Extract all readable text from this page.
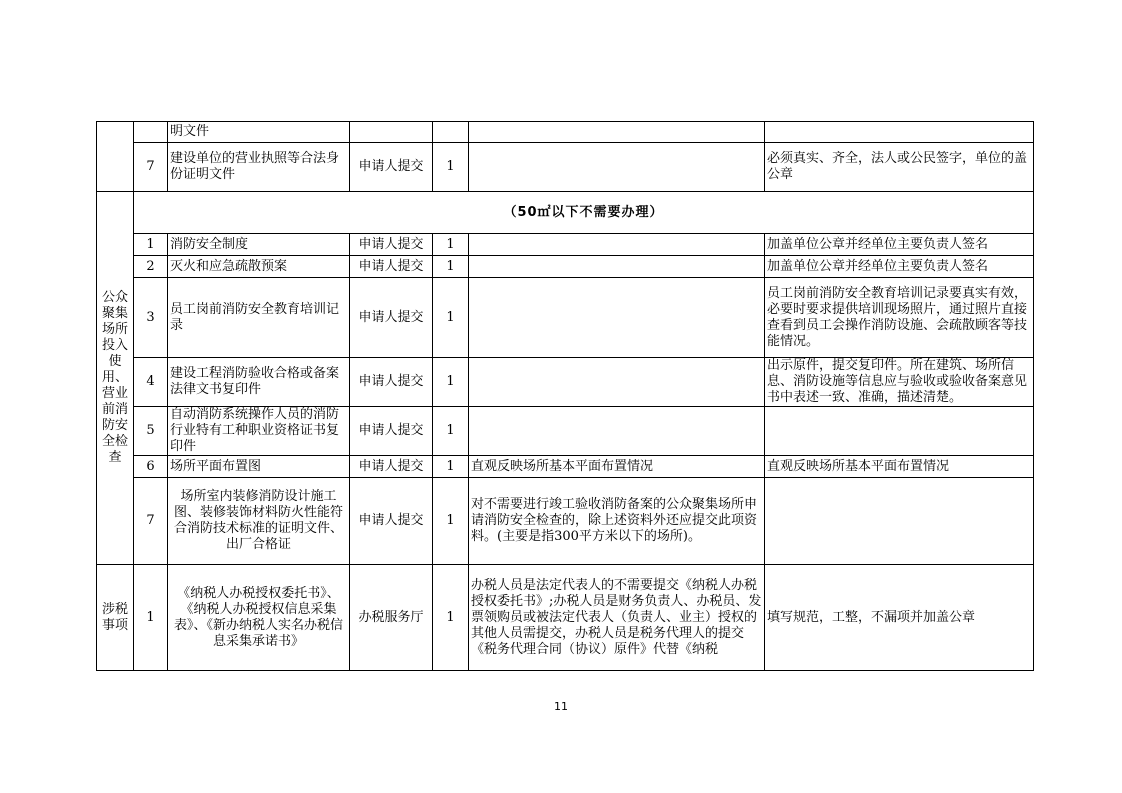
		明文件				
	7	建设单位的营业执照等合法身份证明文件	申请人提交	1		必须真实、齐全，法人或公民签字，单位的盖公章
公众聚集场所投入使用、营业前消防安全检查	（50㎡以下不需要办理）					
	1	消防安全制度	申请人提交	1		加盖单位公章并经单位主要负责人签名
	2	灭火和应急疏散预案	申请人提交	1		加盖单位公章并经单位主要负责人签名
	3	员工岗前消防安全教育培训记录	申请人提交	1		员工岗前消防安全教育培训记录要真实有效，必要时要求提供培训现场照片，通过照片直接查看到员工会操作消防设施、会疏散顾客等技能情况。
	4	建设工程消防验收合格或备案法律文书复印件	申请人提交	1		出示原件，提交复印件。所在建筑、场所信息、消防设施等信息应与验收或验收备案意见书中表述一致、准确，描述清楚。
	5	自动消防系统操作人员的消防行业特有工种职业资格证书复印件	申请人提交	1		
	6	场所平面布置图	申请人提交	1	直观反映场所基本平面布置情况	直观反映场所基本平面布置情况
	7	场所室内装修消防设计施工图、装修装饰材料防火性能符合消防技术标准的证明文件、出厂合格证	申请人提交	1	对不需要进行竣工验收消防备案的公众聚集场所申请消防安全检查的，除上述资料外还应提交此项资料。(主要是指300平方米以下的场所)。	
涉税事项	1	《纳税人办税授权委托书》、《纳税人办税授权信息采集表》、《新办纳税人实名办税信息采集承诺书》	办税服务厅	1	办税人员是法定代表人的不需要提交《纳税人办税授权委托书》;办税人员是财务负责人、办税员、发票领购员或被法定代表人（负责人、业主）授权的其他人员需提交，办税人员是税务代理人的提交《税务代理合同（协议）原件》代替《纳税	填写规范，工整，不漏项并加盖公章
11
